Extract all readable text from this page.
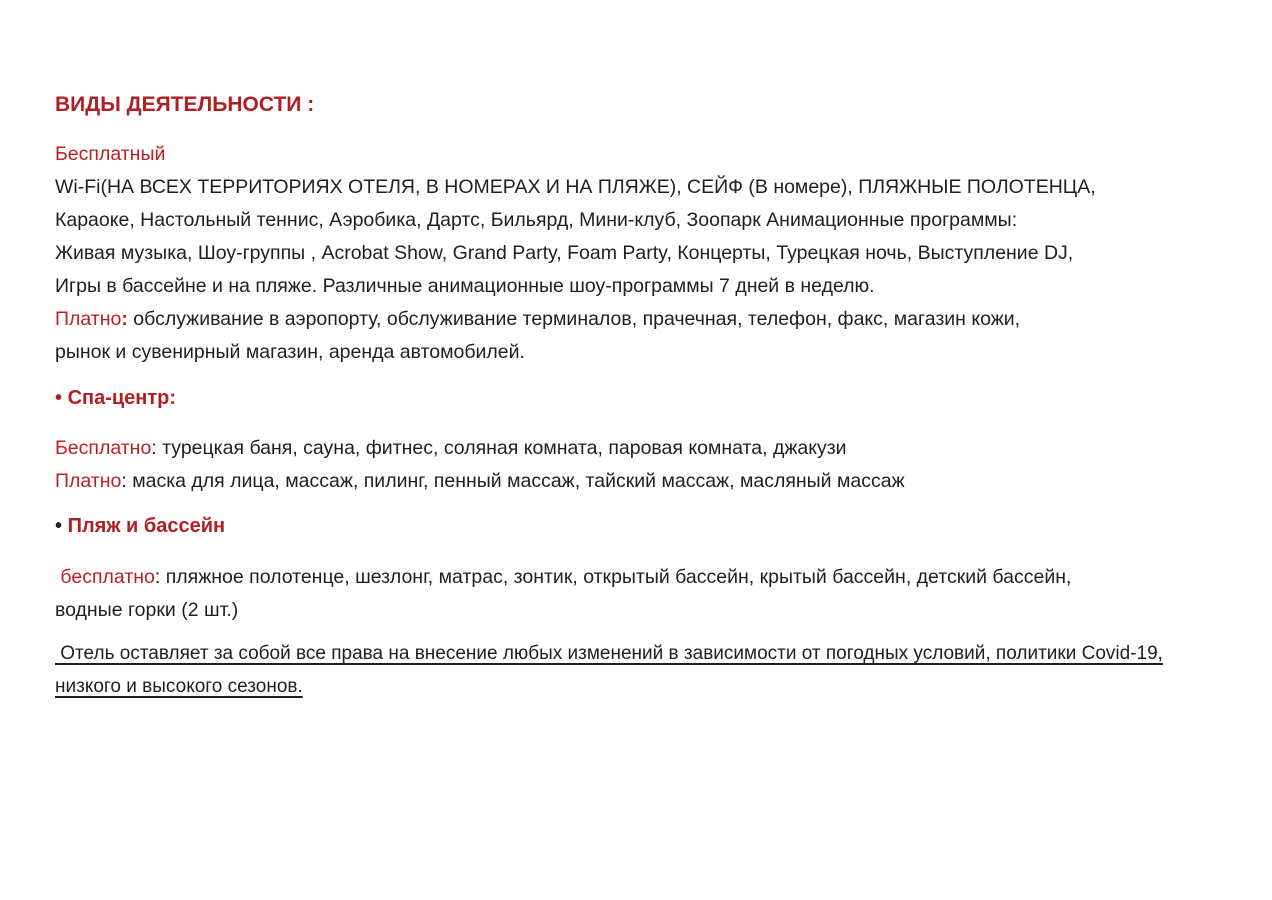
ВИДЫ ДЕЯТЕЛЬНОСТИ :
Бесплатный
Wi-Fi(НА ВСЕХ ТЕРРИТОРИЯХ ОТЕЛЯ, В НОМЕРАХ И НА ПЛЯЖЕ), СЕЙФ (В номере), ПЛЯЖНЫЕ ПОЛОТЕНЦА,
Караоке, Настольный теннис, Аэробика, Дартс, Бильярд, Мини-клуб, Зоопарк Анимационные программы:
Живая музыка, Шоу-группы , Acrobat Show, Grand Party, Foam Party, Концерты, Турецкая ночь, Выступление DJ,
Игры в бассейне и на пляже. Различные анимационные шоу-программы 7 дней в неделю.
Платно: обслуживание в аэропорту, обслуживание терминалов, прачечная, телефон, факс, магазин кожи,
рынок и сувенирный магазин, аренда автомобилей.
• Спа-центр:
Бесплатно: турецкая баня, сауна, фитнес, соляная комната, паровая комната, джакузи
Платно: маска для лица, массаж, пилинг, пенный массаж, тайский массаж, масляный массаж
• Пляж и бассейн
бесплатно: пляжное полотенце, шезлонг, матрас, зонтик, открытый бассейн, крытый бассейн, детский бассейн,
водные горки (2 шт.)
Отель оставляет за собой все права на внесение любых изменений в зависимости от погодных условий, политики Covid-19,
низкого и высокого сезонов.
